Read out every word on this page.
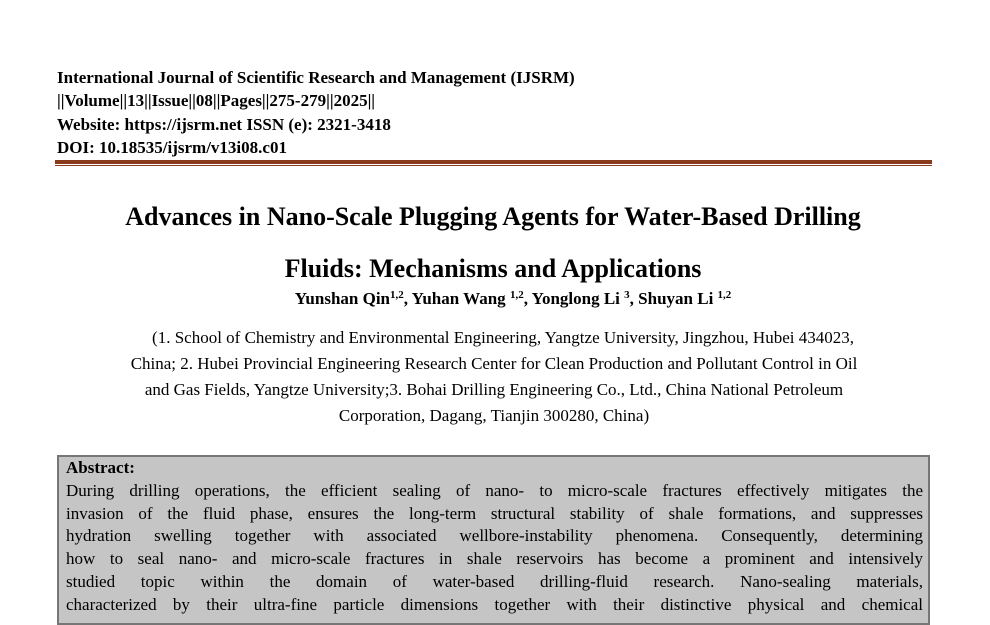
International Journal of Scientific Research and Management (IJSRM)
||Volume||13||Issue||08||Pages||275-279||2025||
Website: https://ijsrm.net ISSN (e): 2321-3418
DOI: 10.18535/ijsrm/v13i08.c01
Advances in Nano-Scale Plugging Agents for Water-Based Drilling
Fluids: Mechanisms and Applications
Yunshan Qin$^{1,2}$, Yuhan Wang $^{1,2}$, Yonglong Li $^3$, Shuyan Li $^{1,2}$
(1. School of Chemistry and Environmental Engineering, Yangtze University, Jingzhou, Hubei 434023,
China; 2. Hubei Provincial Engineering Research Center for Clean Production and Pollutant Control in Oil
and Gas Fields, Yangtze University;3. Bohai Drilling Engineering Co., Ltd., China National Petroleum
Corporation, Dagang, Tianjin 300280, China)
Abstract:
During drilling operations, the efficient sealing of nano- to micro-scale fractures effectively mitigates the
invasion of the fluid phase, ensures the long-term structural stability of shale formations, and suppresses
hydration swelling together with associated wellbore-instability phenomena. Consequently, determining
how to seal nano- and micro-scale fractures in shale reservoirs has become a prominent and intensively
studied topic within the domain of water-based drilling-fluid research. Nano-sealing materials,
characterized by their ultra-fine particle dimensions together with their distinctive physical and chemical
